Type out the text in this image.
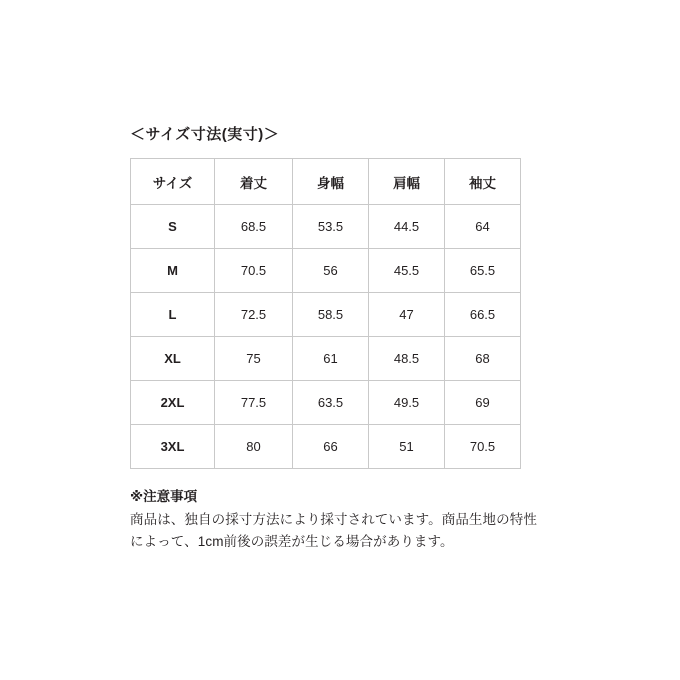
＜サイズ寸法(実寸)＞
サイズ	着丈	身幅	肩幅	袖丈
S	68.5	53.5	44.5	64
M	70.5	56	45.5	65.5
L	72.5	58.5	47	66.5
XL	75	61	48.5	68
2XL	77.5	63.5	49.5	69
3XL	80	66	51	70.5

※注意事項

商品は、独自の採寸方法により採寸されています。商品生地の特性によって、1cm前後の誤差が生じる場合があります。
